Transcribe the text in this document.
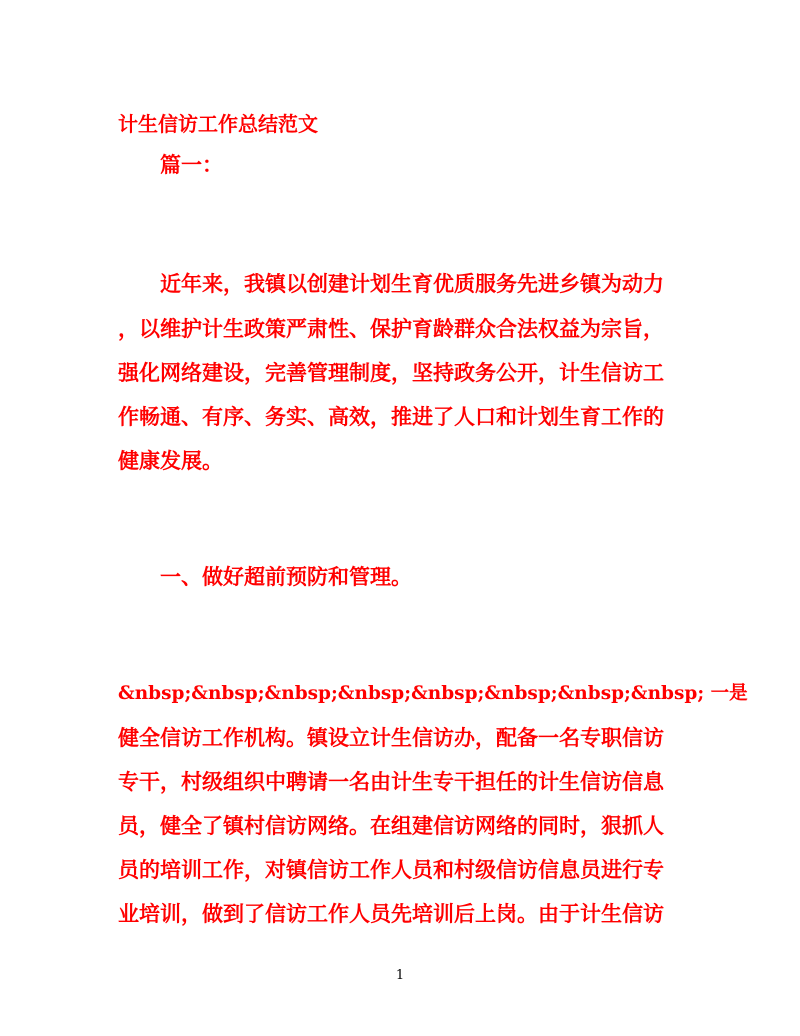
计生信访工作总结范文
篇一：
近年来，我镇以创建计划生育优质服务先进乡镇为动力
，以维护计生政策严肃性、保护育龄群众合法权益为宗旨，
强化网络建设，完善管理制度，坚持政务公开，计生信访工
作畅通、有序、务实、高效，推进了人口和计划生育工作的
健康发展。
一、做好超前预防和管理。
&nbsp;&nbsp;&nbsp;&nbsp;&nbsp;&nbsp;&nbsp;&nbsp; 一是
健全信访工作机构。镇设立计生信访办，配备一名专职信访
专干，村级组织中聘请一名由计生专干担任的计生信访信息
员，健全了镇村信访网络。在组建信访网络的同时，狠抓人
员的培训工作，对镇信访工作人员和村级信访信息员进行专
业培训，做到了信访工作人员先培训后上岗。由于计生信访
1
